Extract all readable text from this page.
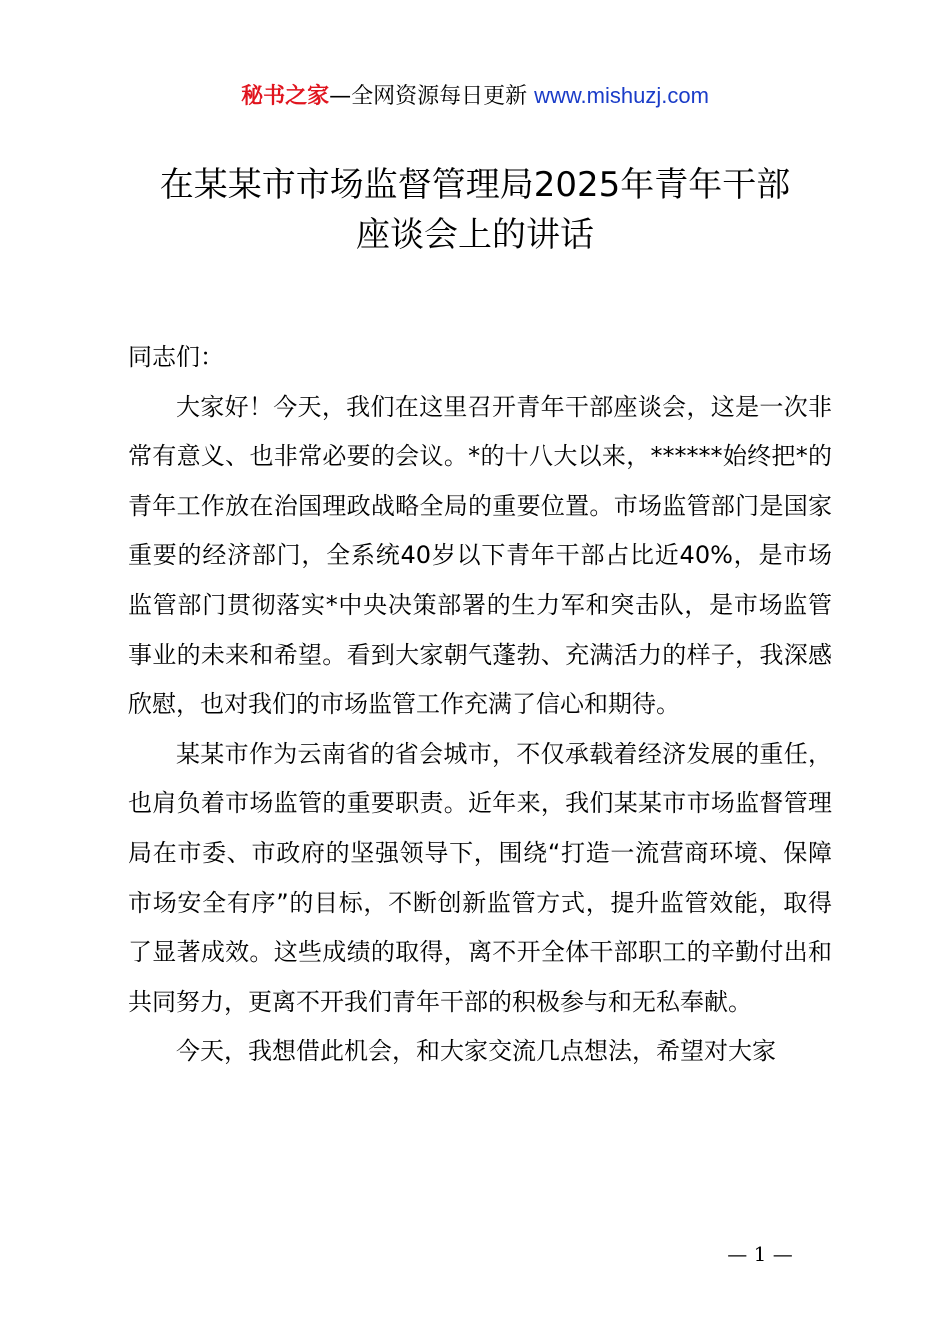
秘书之家—全网资源每日更新 www.mishuzj.com
在某某市市场监督管理局2025年青年干部
座谈会上的讲话

同志们：

大家好！今天，我们在这里召开青年干部座谈会，这是一次非常有意义、也非常必要的会议。*的十八大以来，******始终把*的青年工作放在治国理政战略全局的重要位置。市场监管部门是国家重要的经济部门，全系统40岁以下青年干部占比近40%，是市场监管部门贯彻落实*中央决策部署的生力军和突击队，是市场监管事业的未来和希望。看到大家朝气蓬勃、充满活力的样子，我深感欣慰，也对我们的市场监管工作充满了信心和期待。

某某市作为云南省的省会城市，不仅承载着经济发展的重任，也肩负着市场监管的重要职责。近年来，我们某某市市场监督管理局在市委、市政府的坚强领导下，围绕“打造一流营商环境、保障市场安全有序”的目标，不断创新监管方式，提升监管效能，取得了显著成效。这些成绩的取得，离不开全体干部职工的辛勤付出和共同努力，更离不开我们青年干部的积极参与和无私奉献。

今天，我想借此机会，和大家交流几点想法，希望对大家

— 1 —
